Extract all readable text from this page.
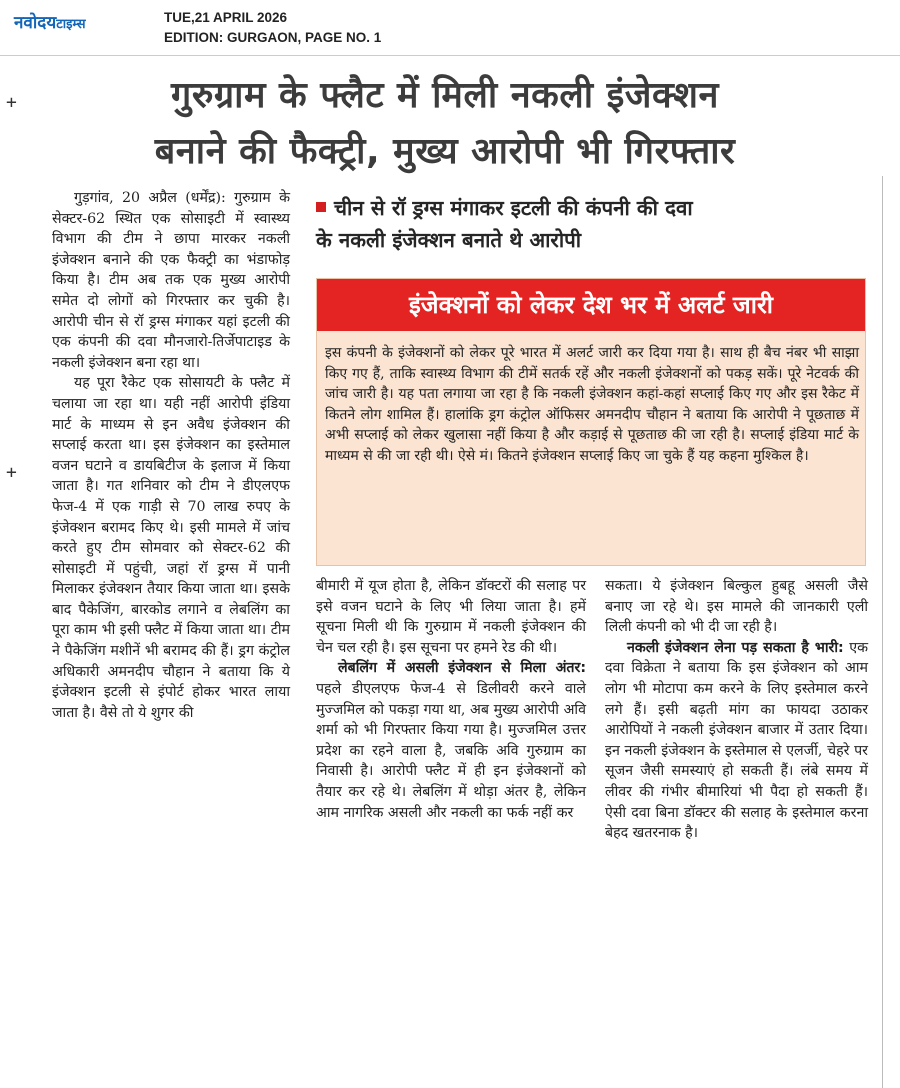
नवोदयटाइम्स	TUE,21 APRIL 2026
EDITION: GURGAON, PAGE NO. 1
+
+
गुरुग्राम के फ्लैट में मिली नकली इंजेक्शन
बनाने की फैक्ट्री, मुख्य आरोपी भी गिरफ्तार

गुड़गांव, 20 अप्रैल (धर्मेंद्र): गुरुग्राम के सेक्टर-62 स्थित एक सोसाइटी में स्वास्थ्य विभाग की टीम ने छापा मारकर नकली इंजेक्शन बनाने की एक फैक्ट्री का भंडाफोड़ किया है। टीम अब तक एक मुख्य आरोपी समेत दो लोगों को गिरफ्तार कर चुकी है। आरोपी चीन से रॉ ड्रग्स मंगाकर यहां इटली की एक कंपनी की दवा मौनजारो-तिर्जेपाटाइड के नकली इंजेक्शन बना रहा था।

यह पूरा रैकेट एक सोसायटी के फ्लैट में चलाया जा रहा था। यही नहीं आरोपी इंडिया मार्ट के माध्यम से इन अवैध इंजेक्शन की सप्लाई करता था। इस इंजेक्शन का इस्तेमाल वजन घटाने व डायबिटीज के इलाज में किया जाता है। गत शनिवार को टीम ने डीएलएफ फेज-4 में एक गाड़ी से 70 लाख रुपए के इंजेक्शन बरामद किए थे। इसी मामले में जांच करते हुए टीम सोमवार को सेक्टर-62 की सोसाइटी में पहुंची, जहां रॉ ड्रग्स में पानी मिलाकर इंजेक्शन तैयार किया जाता था। इसके बाद पैकेजिंग, बारकोड लगाने व लेबलिंग का पूरा काम भी इसी फ्लैट में किया जाता था। टीम ने पैकेजिंग मशीनें भी बरामद की हैं। ड्रग कंट्रोल अधिकारी अमनदीप चौहान ने बताया कि ये इंजेक्शन इटली से इंपोर्ट होकर भारत लाया जाता है। वैसे तो ये शुगर की

चीन से रॉ ड्रग्स मंगाकर इटली की कंपनी की दवा
के नकली इंजेक्शन बनाते थे आरोपी
इंजेक्शनों को लेकर देश भर में अलर्ट जारी
इस कंपनी के इंजेक्शनों को लेकर पूरे भारत में अलर्ट जारी कर दिया गया है। साथ ही बैच नंबर भी साझा किए गए हैं, ताकि स्वास्थ्य विभाग की टीमें सतर्क रहें और नकली इंजेक्शनों को पकड़ सकें। पूरे नेटवर्क की जांच जारी है। यह पता लगाया जा रहा है कि नकली इंजेक्शन कहां-कहां सप्लाई किए गए और इस रैकेट में कितने लोग शामिल हैं। हालांकि ड्रग कंट्रोल ऑफिसर अमनदीप चौहान ने बताया कि आरोपी ने पूछताछ में अभी सप्लाई को लेकर खुलासा नहीं किया है और कड़ाई से पूछताछ की जा रही है। सप्लाई इंडिया मार्ट के माध्यम से की जा रही थी। ऐसे मं। कितने इंजेक्शन सप्लाई किए जा चुके हैं यह कहना मुश्किल है।

बीमारी में यूज होता है, लेकिन डॉक्टरों की सलाह पर इसे वजन घटाने के लिए भी लिया जाता है। हमें सूचना मिली थी कि गुरुग्राम में नकली इंजेक्शन की चेन चल रही है। इस सूचना पर हमने रेड की थी।

लेबलिंग में असली इंजेक्शन से मिला अंतर: पहले डीएलएफ फेज-4 से डिलीवरी करने वाले मुज्जमिल को पकड़ा गया था, अब मुख्य आरोपी अवि शर्मा को भी गिरफ्तार किया गया है। मुज्जमिल उत्तर प्रदेश का रहने वाला है, जबकि अवि गुरुग्राम का निवासी है। आरोपी फ्लैट में ही इन इंजेक्शनों को तैयार कर रहे थे। लेबलिंग में थोड़ा अंतर है, लेकिन आम नागरिक असली और नकली का फर्क नहीं कर

सकता। ये इंजेक्शन बिल्कुल हुबहू असली जैसे बनाए जा रहे थे। इस मामले की जानकारी एली लिली कंपनी को भी दी जा रही है।

नकली इंजेक्शन लेना पड़ सकता है भारी: एक दवा विक्रेता ने बताया कि इस इंजेक्शन को आम लोग भी मोटापा कम करने के लिए इस्तेमाल करने लगे हैं। इसी बढ़ती मांग का फायदा उठाकर आरोपियों ने नकली इंजेक्शन बाजार में उतार दिया। इन नकली इंजेक्शन के इस्तेमाल से एलर्जी, चेहरे पर सूजन जैसी समस्याएं हो सकती हैं। लंबे समय में लीवर की गंभीर बीमारियां भी पैदा हो सकती हैं। ऐसी दवा बिना डॉक्टर की सलाह के इस्तेमाल करना बेहद खतरनाक है।
